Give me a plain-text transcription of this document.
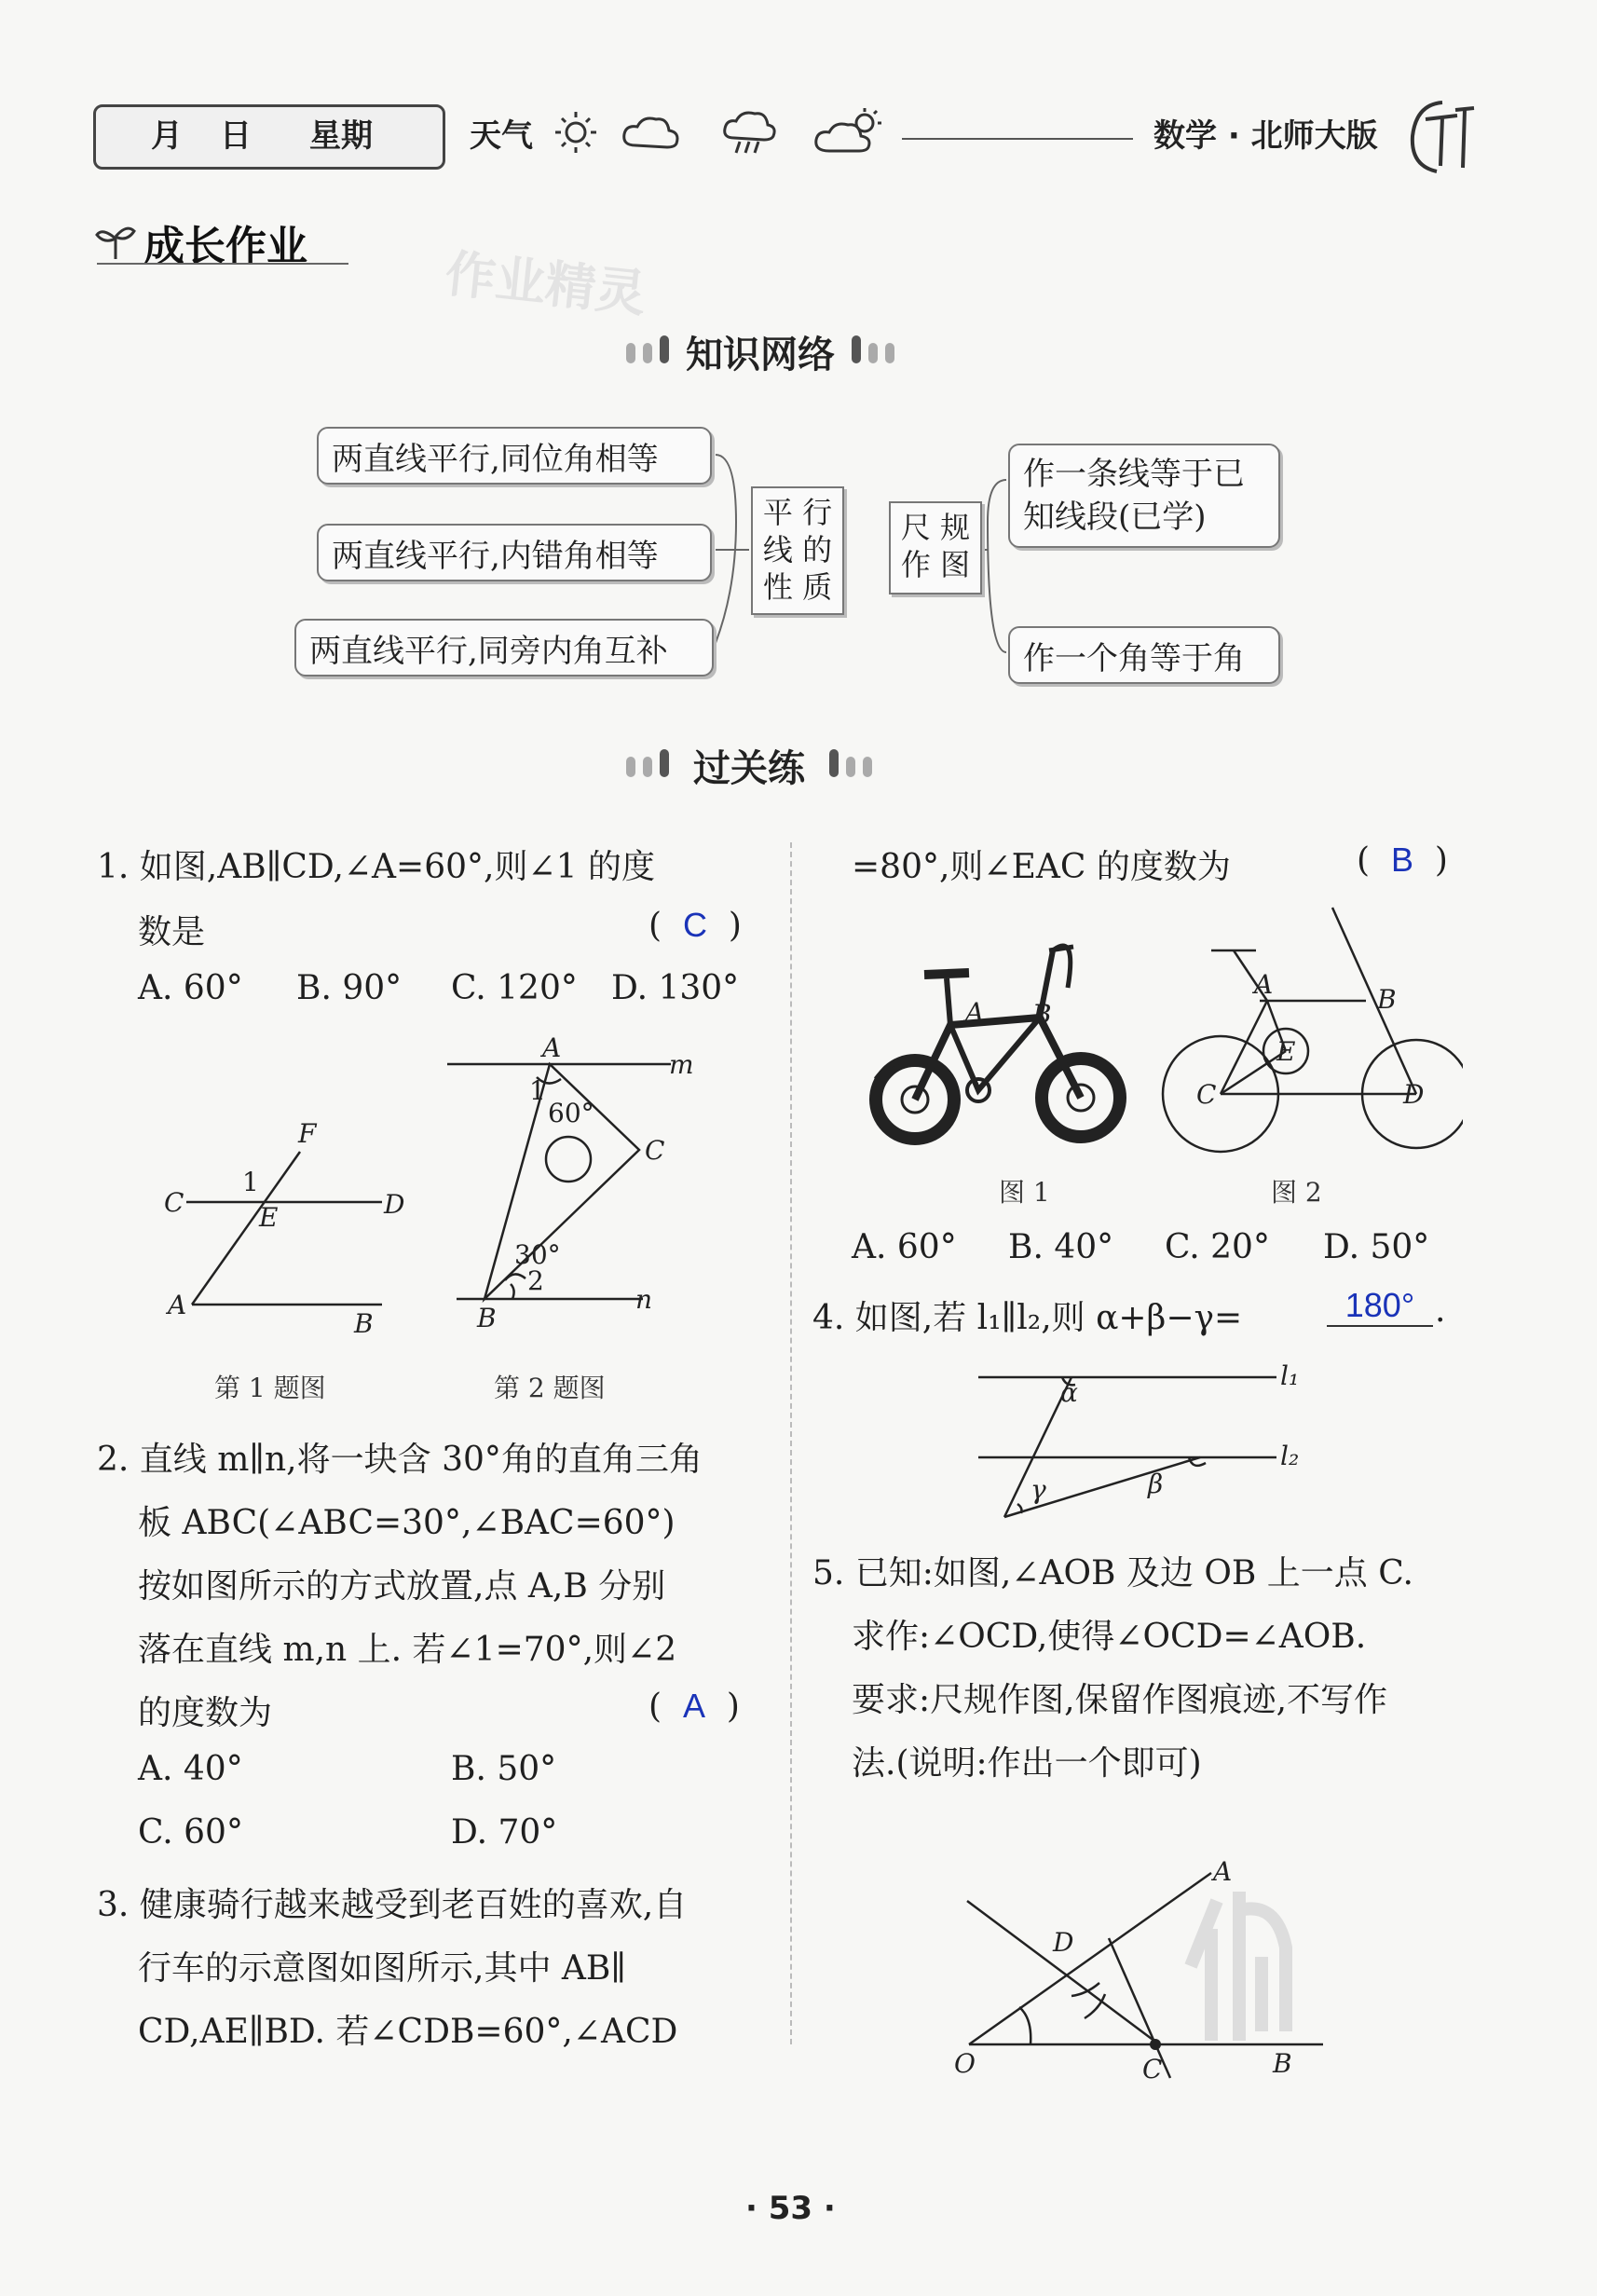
月 日 星期	天气	数学 · 北师大版
成长作业	作业精灵
知识网络
两直线平行,同位角相等
两直线平行,内错角相等
两直线平行,同旁内角互补
平 行
线 的
性 质
尺 规
作 图
作一条线等于已
知线段(已学)
作一个角等于角
过关练
1. 如图,AB∥CD,∠A=60°,则∠1 的度
数是	(  C  )
A. 60° B. 90° C. 120° D. 130°
F
1
C	E	D
A
B
第 1 题图
A
m
1
60°
C
30°
2
B
n
第 2 题图
2. 直线 m∥n,将一块含 30°角的直角三角
板 ABC(∠ABC=30°,∠BAC=60°)
按如图所示的方式放置,点 A,B 分别
落在直线 m,n 上. 若∠1=70°,则∠2
的度数为	(  A  )
A. 40°	B. 50°
C. 60°	D. 70°
3. 健康骑行越来越受到老百姓的喜欢,自
行车的示意图如图所示,其中 AB∥
CD,AE∥BD. 若∠CDB=60°,∠ACD
=80°,则∠EAC 的度数为	(  B  )
A B
A	B
E
C	D
图 1	图 2
A. 60° B. 40° C. 20° D. 50°
4. 如图,若 l₁∥l₂,则 α+β−γ=	180° .
α
l₁
l₂
γ	β
5. 已知:如图,∠AOB 及边 OB 上一点 C.
求作:∠OCD,使得∠OCD=∠AOB.
要求:尺规作图,保留作图痕迹,不写作
法.(说明:作出一个即可)
A
D
O	C	B
· 53 ·
